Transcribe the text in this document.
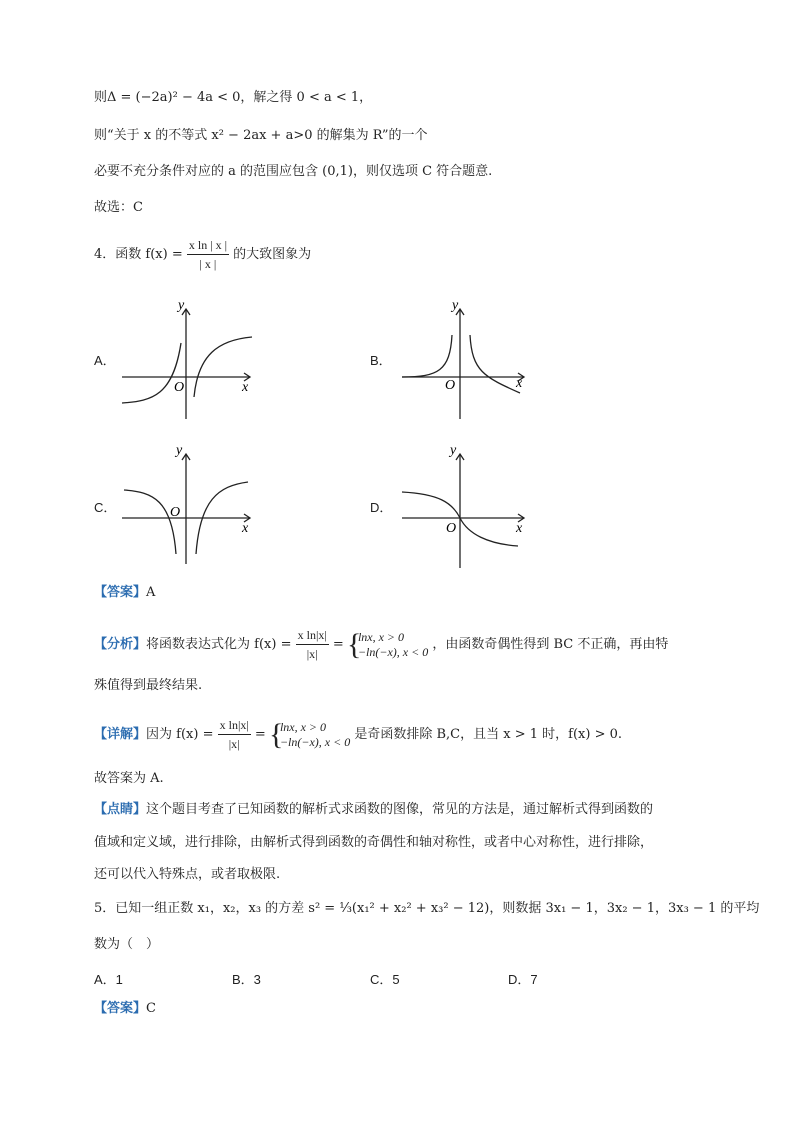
则Δ = (−2a)² − 4a < 0，解之得 0 < a < 1，
则“关于 x 的不等式 x² − 2ax + a>0 的解集为 R”的一个
必要不充分条件对应的 a 的范围应包含 (0,1)，则仅选项 C 符合题意.
故选：C
4．函数 $f(x) = \frac{\text{x ln | x |}}{| x |}$ 的大致图象为
A．
y
x
O
B．
y
x
O
C．
y
x
O	D．
y
x
O
【答案】A
【分析】将函数表达式化为 $f(x) = \frac{\text{x ln|x|}}{|x|}$ =
{ lnx, x > 0
−ln(−x), x < 0 ，由函数奇偶性得到 BC 不正确，再由特
殊值得到最终结果.
【详解】因为 $f(x) = \frac{\text{x ln|x|}}{|x|}$ =
{ lnx, x > 0
−ln(−x), x < 0 是奇函数排除 B,C，且当 x > 1 时，f(x) > 0.
故答案为 A.
【点睛】这个题目考查了已知函数的解析式求函数的图像，常见的方法是，通过解析式得到函数的
值域和定义域，进行排除，由解析式得到函数的奇偶性和轴对称性，或者中心对称性，进行排除，
还可以代入特殊点，或者取极限.
5．已知一组正数 x₁，x₂，x₃ 的方差 s² = ⅓(x₁² + x₂² + x₃² − 12)，则数据 3x₁ − 1，3x₂ − 1，3x₃ − 1 的平均
数为（　）
A．1	B．3	C．5	D．7
【答案】C
